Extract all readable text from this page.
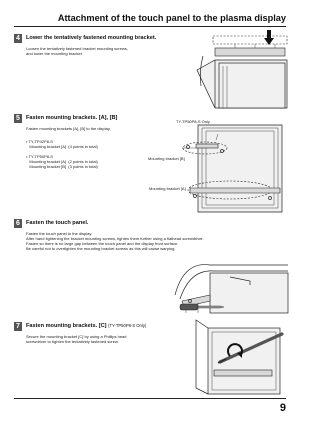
Attachment of the touch panel to the plasma display
4	Lower the tentatively fastened mounting bracket.
Loosen the tentatively fastened bracket mounting screws,
and lower the mounting bracket.
5	Fasten mounting brackets. [A], [B]
Fasten mounting brackets [A], [B] to the display.
• TY-TP42P8-S
Mounting bracket [A]  (4 points in total)

• TY-TP50P8-S
Mounting bracket [A]  (2 points in total)
Mounting bracket [B]  (3 points in total)
TY-TP50P8-S Only
Mounting bracket [B]
Mounting bracket [A]
6	Fasten the touch panel.
Fasten the touch panel to the display.
After hand tightening the bracket mounting screws, tighten them further using a flathead screwdriver.
Fasten so there is no large gap between the touch panel and the display front surface.
Be careful not to overtighten the mounting bracket screws as this will cause warping.
7	Fasten mounting brackets. [C] (TY-TP50P8-S Only)
Secure the mounting bracket [C] by using a Phillips head
screwdriver to tighten the tentatively fastened screw.
9
